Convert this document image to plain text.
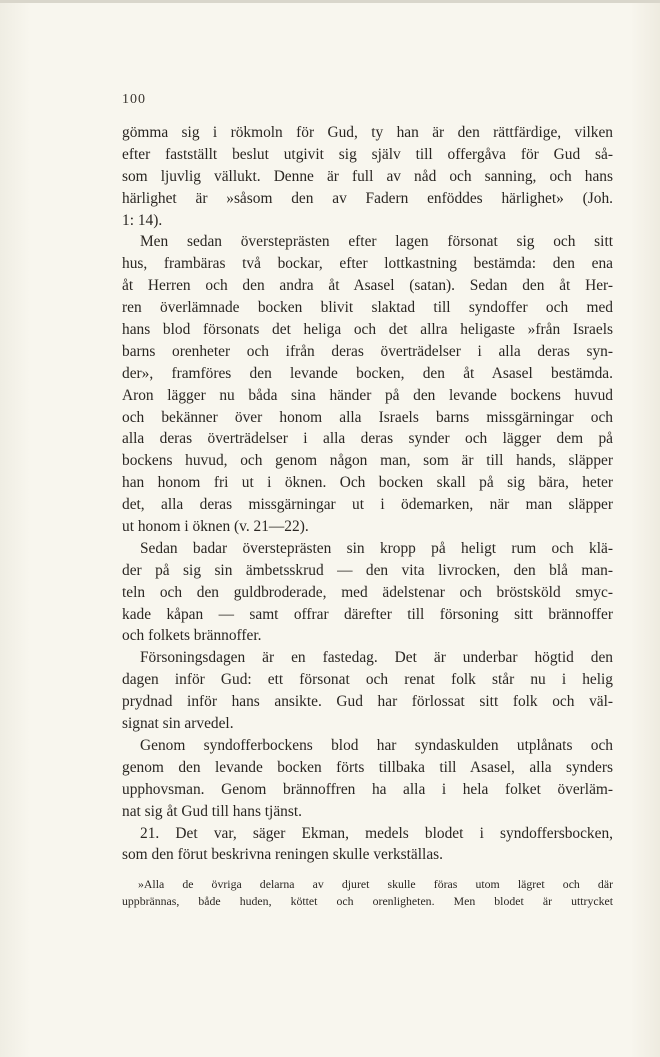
100
gömma sig i rökmoln för Gud, ty han är den rättfärdige, vilken
efter fastställt beslut utgivit sig själv till offergåva för Gud så-
som ljuvlig vällukt. Denne är full av nåd och sanning, och hans
härlighet är »såsom den av Fadern enföddes härlighet» (Joh.
1: 14).
Men sedan översteprästen efter lagen försonat sig och sitt
hus, frambäras två bockar, efter lottkastning bestämda: den ena
åt Herren och den andra åt Asasel (satan). Sedan den åt Her-
ren överlämnade bocken blivit slaktad till syndoffer och med
hans blod försonats det heliga och det allra heligaste »från Israels
barns orenheter och ifrån deras överträdelser i alla deras syn-
der», framföres den levande bocken, den åt Asasel bestämda.
Aron lägger nu båda sina händer på den levande bockens huvud
och bekänner över honom alla Israels barns missgärningar och
alla deras överträdelser i alla deras synder och lägger dem på
bockens huvud, och genom någon man, som är till hands, släpper
han honom fri ut i öknen. Och bocken skall på sig bära, heter
det, alla deras missgärningar ut i ödemarken, när man släpper
ut honom i öknen (v. 21—22).
Sedan badar översteprästen sin kropp på heligt rum och klä-
der på sig sin ämbetsskrud — den vita livrocken, den blå man-
teln och den guldbroderade, med ädelstenar och bröstsköld smyc-
kade kåpan — samt offrar därefter till försoning sitt brännoffer
och folkets brännoffer.
Försoningsdagen är en fastedag. Det är underbar högtid den
dagen inför Gud: ett försonat och renat folk står nu i helig
prydnad inför hans ansikte. Gud har förlossat sitt folk och väl-
signat sin arvedel.
Genom syndofferbockens blod har syndaskulden utplånats och
genom den levande bocken förts tillbaka till Asasel, alla synders
upphovsman. Genom brännoffren ha alla i hela folket överläm-
nat sig åt Gud till hans tjänst.
21. Det var, säger Ekman, medels blodet i syndoffersbocken,
som den förut beskrivna reningen skulle verkställas.
»Alla de övriga delarna av djuret skulle föras utom lägret och där
uppbrännas, både huden, köttet och orenligheten. Men blodet är uttrycket
